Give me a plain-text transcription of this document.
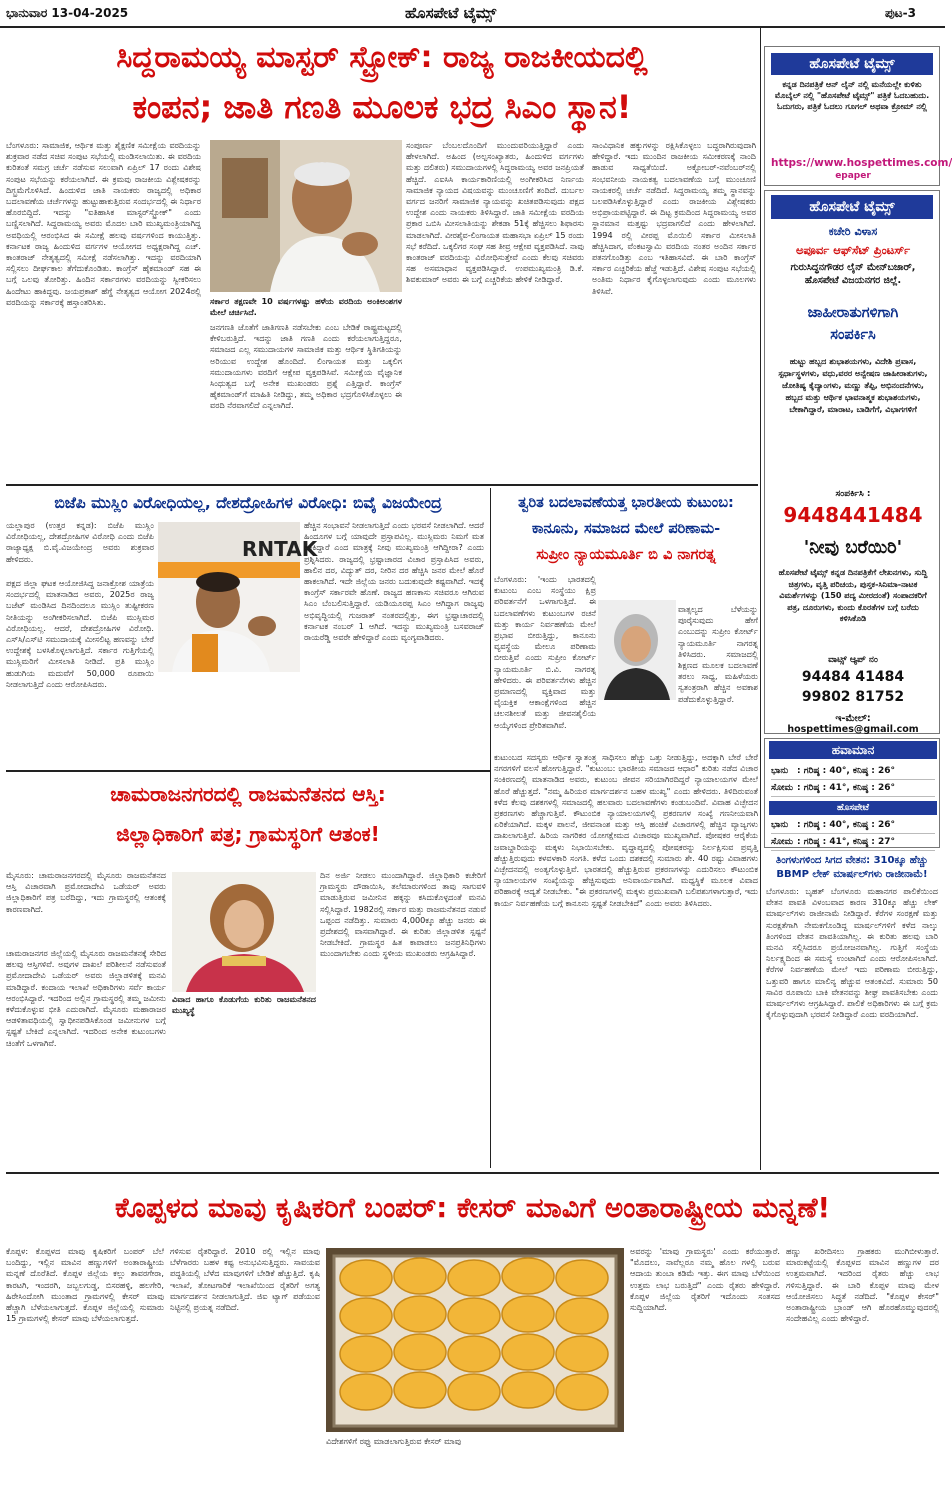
ಭಾನುವಾರ 13-04-2025	ಹೊಸಪೇಟೆ ಟೈಮ್ಸ್	ಪುಟ-3
ಸಿದ್ದರಾಮಯ್ಯ ಮಾಸ್ಟರ್ ಸ್ಟ್ರೋಕ್: ರಾಜ್ಯ ರಾಜಕೀಯದಲ್ಲಿ
ಕಂಪನ; ಜಾತಿ ಗಣತಿ ಮೂಲಕ ಭದ್ರ ಸಿಎಂ ಸ್ಥಾನ!
ಬೆಂಗಳೂರು: ಸಾಮಾಜಿಕ, ಆರ್ಥಿಕ ಮತ್ತು ಶೈಕ್ಷಣಿಕ ಸಮೀಕ್ಷೆಯ ವರದಿಯನ್ನು ಶುಕ್ರವಾರ ನಡೆದ ಸಚಿವ ಸಂಪುಟ ಸಭೆಯಲ್ಲಿ ಮಂಡಿಸಲಾಯಿತು. ಈ ವರದಿಯ ಕುರಿತಂತೆ ಸಮಗ್ರ ಚರ್ಚೆ ನಡೆಸುವ ಸಲುವಾಗಿ ಏಪ್ರಿಲ್ 17 ರಂದು ವಿಶೇಷ ಸಂಪುಟ ಸಭೆಯನ್ನು ಕರೆಯಲಾಗಿದೆ. ಈ ಕ್ರಮವು ರಾಜಕೀಯ ವಿಶ್ಲೇಷಕರನ್ನು ದಿಗ್ಭ್ರಮೆಗೊಳಿಸಿದೆ. ಹಿಂದುಳಿದ ಜಾತಿ ನಾಯಕರು ರಾಜ್ಯದಲ್ಲಿ ಅಧಿಕಾರ ಬದಲಾವಣೆಯ ಚರ್ಚೆಗಳನ್ನು ಹುಟ್ಟುಹಾಕುತ್ತಿರುವ ಸಂದರ್ಭದಲ್ಲಿ ಈ ನಿರ್ಧಾರ ಹೊರಬಿದ್ದಿದೆ. ಇದನ್ನು "ಐತಿಹಾಸಿಕ ಮಾಸ್ಟರ್‌ಸ್ಟ್ರೋಕ್" ಎಂದು ಬಣ್ಣಿಸಲಾಗಿದೆ. ಸಿದ್ದರಾಮಯ್ಯ ಅವರು ಮೊದಲ ಬಾರಿ ಮುಖ್ಯಮಂತ್ರಿಯಾಗಿದ್ದ ಅವಧಿಯಲ್ಲಿ ಆರಂಭಿಸಿದ ಈ ಸಮೀಕ್ಷೆ ಹಲವು ವರ್ಷಗಳಿಂದ ಕಾಯುತ್ತಿತ್ತು. ಕರ್ನಾಟಕ ರಾಜ್ಯ ಹಿಂದುಳಿದ ವರ್ಗಗಳ ಆಯೋಗದ ಅಧ್ಯಕ್ಷರಾಗಿದ್ದ ಎಚ್. ಕಾಂತರಾಜ್ ನೇತೃತ್ವದಲ್ಲಿ ಸಮೀಕ್ಷೆ ನಡೆಸಲಾಗಿತ್ತು. ಇದನ್ನು ವರದಿಯಾಗಿ ಸಲ್ಲಿಸಲು ದೀರ್ಘಕಾಲ ತೆಗೆದುಕೊಂಡಿತು. ಕಾಂಗ್ರೆಸ್ ಹೈಕಮಾಂಡ್ ಸಹ ಈ ಬಗ್ಗೆ ಒಲವು ತೋರಿತ್ತು. ಹಿಂದಿನ ಸರ್ಕಾರಗಳು ವರದಿಯನ್ನು ಸ್ವೀಕರಿಸಲು ಹಿಂದೇಟು ಹಾಕಿದ್ದವು. ಜಯಪ್ರಕಾಶ್ ಹೆಗ್ಡೆ ನೇತೃತ್ವದ ಆಯೋಗ 2024ರಲ್ಲಿ ವರದಿಯನ್ನು ಸರ್ಕಾರಕ್ಕೆ ಹಸ್ತಾಂತರಿಸಿತು.	ಸರ್ಕಾರ ತಕ್ಷಣವೇ 10 ವರ್ಷಗಳಷ್ಟು ಹಳೆಯ ವರದಿಯ ಅಂಕಿಅಂಶಗಳ ಮೇಲೆ ಚರ್ಚಿಸಿದೆ.
ಜನಗಣತಿ ಜೊತೆಗೆ ಜಾತಿಗಣತಿ ನಡೆಸಬೇಕು ಎಂಬ ಬೇಡಿಕೆ ರಾಷ್ಟ್ರಮಟ್ಟದಲ್ಲಿ ಕೇಳಿಬರುತ್ತಿದೆ. ಇದನ್ನು ಜಾತಿ ಗಣತಿ ಎಂದು ಕರೆಯಲಾಗುತ್ತಿದ್ದರೂ, ಸಮಾಜದ ಎಲ್ಲ ಸಮುದಾಯಗಳ ಸಾಮಾಜಿಕ ಮತ್ತು ಆರ್ಥಿಕ ಸ್ಥಿತಿಗತಿಯನ್ನು ಅರಿಯುವ ಉದ್ದೇಶ ಹೊಂದಿದೆ. ಲಿಂಗಾಯತ ಮತ್ತು ಒಕ್ಕಲಿಗ ಸಮುದಾಯಗಳು ವರದಿಗೆ ಆಕ್ಷೇಪ ವ್ಯಕ್ತಪಡಿಸಿವೆ. ಸಮೀಕ್ಷೆಯ ವೈಜ್ಞಾನಿಕ ಸಿಂಧುತ್ವದ ಬಗ್ಗೆ ಅನೇಕ ಮುಖಂಡರು ಪ್ರಶ್ನೆ ಎತ್ತಿದ್ದಾರೆ. ಕಾಂಗ್ರೆಸ್ ಹೈಕಮಾಂಡ್‌ಗೆ ಮಾಹಿತಿ ನೀಡಿದ್ದು, ತಮ್ಮ ಅಧಿಕಾರ ಭದ್ರಗೊಳಿಸಿಕೊಳ್ಳಲು ಈ ವರದಿ ನೆರವಾಗಲಿದೆ ಎನ್ನಲಾಗಿದೆ.
ಸಂಪೂರ್ಣ ಬೆಂಬಲದೊಂದಿಗೆ ಮುಂದುವರಿಯುತ್ತಿದ್ದಾರೆ ಎಂದು ಹೇಳಲಾಗಿದೆ. ಅಹಿಂದ (ಅಲ್ಪಸಂಖ್ಯಾತರು, ಹಿಂದುಳಿದ ವರ್ಗಗಳು ಮತ್ತು ದಲಿತರು) ಸಮುದಾಯಗಳಲ್ಲಿ ಸಿದ್ದರಾಮಯ್ಯ ಅವರ ಜನಪ್ರಿಯತೆ ಹೆಚ್ಚಿದೆ. ಎಐಸಿಸಿ ಕಾರ್ಯಕಾರಿಣಿಯಲ್ಲಿ ಅಂಗೀಕರಿಸಿದ ನಿರ್ಣಯ ಸಾಮಾಜಿಕ ನ್ಯಾಯದ ವಿಷಯವನ್ನು ಮುಂಚೂಣಿಗೆ ತಂದಿದೆ. ದುರ್ಬಲ ವರ್ಗದ ಜನರಿಗೆ ಸಾಮಾಜಿಕ ನ್ಯಾಯವನ್ನು ಖಚಿತಪಡಿಸುವುದು ಪಕ್ಷದ ಉದ್ದೇಶ ಎಂದು ನಾಯಕರು ತಿಳಿಸಿದ್ದಾರೆ. ಜಾತಿ ಸಮೀಕ್ಷೆಯ ವರದಿಯ ಪ್ರಕಾರ ಒಬಿಸಿ ಮೀಸಲಾತಿಯನ್ನು ಶೇಕಡಾ 51ಕ್ಕೆ ಹೆಚ್ಚಿಸಲು ಶಿಫಾರಸು ಮಾಡಲಾಗಿದೆ. ವೀರಶೈವ-ಲಿಂಗಾಯತ ಮಹಾಸಭಾ ಏಪ್ರಿಲ್ 15 ರಂದು ಸಭೆ ಕರೆದಿದೆ. ಒಕ್ಕಲಿಗರ ಸಂಘ ಸಹ ತೀವ್ರ ಆಕ್ಷೇಪ ವ್ಯಕ್ತಪಡಿಸಿದೆ. ನಾವು ಕಾಂತರಾಜ್ ವರದಿಯನ್ನು ವಿರೋಧಿಸುತ್ತೇವೆ ಎಂದು ಕೆಲವು ಸಚಿವರು ಸಹ ಅಸಮಾಧಾನ ವ್ಯಕ್ತಪಡಿಸಿದ್ದಾರೆ. ಉಪಮುಖ್ಯಮಂತ್ರಿ ಡಿ.ಕೆ. ಶಿವಕುಮಾರ್ ಅವರು ಈ ಬಗ್ಗೆ ಎಚ್ಚರಿಕೆಯ ಹೇಳಿಕೆ ನೀಡಿದ್ದಾರೆ.
ಸಾಂವಿಧಾನಿಕ ಹಕ್ಕುಗಳನ್ನು ರಕ್ಷಿಸಿಕೊಳ್ಳಲು ಬದ್ಧರಾಗಿರುವುದಾಗಿ ಹೇಳಿದ್ದಾರೆ. ಇದು ಮುಂದಿನ ರಾಜಕೀಯ ಸಮೀಕರಣಕ್ಕೆ ನಾಂದಿ ಹಾಡುವ ಸಾಧ್ಯತೆಯಿದೆ. ಅಕ್ಟೋಬರ್-ನವೆಂಬರ್‌ನಲ್ಲಿ ಸಂಭವನೀಯ ನಾಯಕತ್ವ ಬದಲಾವಣೆಯ ಬಗ್ಗೆ ಮುಂಚೂಣಿ ನಾಯಕರಲ್ಲಿ ಚರ್ಚೆ ನಡೆದಿದೆ. ಸಿದ್ದರಾಮಯ್ಯ ತಮ್ಮ ಸ್ಥಾನವನ್ನು ಬಲಪಡಿಸಿಕೊಳ್ಳುತ್ತಿದ್ದಾರೆ ಎಂದು ರಾಜಕೀಯ ವಿಶ್ಲೇಷಕರು ಅಭಿಪ್ರಾಯಪಟ್ಟಿದ್ದಾರೆ. ಈ ದಿಟ್ಟ ಕ್ರಮದಿಂದ ಸಿದ್ದರಾಮಯ್ಯ ಅವರ ಸ್ಥಾನಮಾನ ಮತ್ತಷ್ಟು ಭದ್ರವಾಗಲಿದೆ ಎಂದು ಹೇಳಲಾಗಿದೆ. 1994 ರಲ್ಲಿ ವೀರಪ್ಪ ಮೊಯಿಲಿ ಸರ್ಕಾರ ಮೀಸಲಾತಿ ಹೆಚ್ಚಿಸಿದಾಗ, ವೆಂಕಟಸ್ವಾಮಿ ವರದಿಯ ನಂತರ ಅಂದಿನ ಸರ್ಕಾರ ಪತನಗೊಂಡಿತ್ತು ಎಂಬ ಇತಿಹಾಸವಿದೆ. ಈ ಬಾರಿ ಕಾಂಗ್ರೆಸ್ ಸರ್ಕಾರ ಎಚ್ಚರಿಕೆಯ ಹೆಜ್ಜೆ ಇಡುತ್ತಿದೆ. ವಿಶೇಷ ಸಂಪುಟ ಸಭೆಯಲ್ಲಿ ಅಂತಿಮ ನಿರ್ಧಾರ ಕೈಗೊಳ್ಳಲಾಗುವುದು ಎಂದು ಮೂಲಗಳು ತಿಳಿಸಿವೆ.
ಬಿಜೆಪಿ ಮುಸ್ಲಿಂ ವಿರೋಧಿಯಲ್ಲ, ದೇಶದ್ರೋಹಿಗಳ ವಿರೋಧಿ: ಬಿವೈ ವಿಜಯೇಂದ್ರ
ಯಲ್ಲಾಪುರ (ಉತ್ತರ ಕನ್ನಡ): ಬಿಜೆಪಿ ಮುಸ್ಲಿಂ ವಿರೋಧಿಯಲ್ಲ, ದೇಶದ್ರೋಹಿಗಳ ವಿರೋಧಿ ಎಂದು ಬಿಜೆಪಿ ರಾಜ್ಯಾಧ್ಯಕ್ಷ ಬಿ.ವೈ.ವಿಜಯೇಂದ್ರ ಅವರು ಶುಕ್ರವಾರ ಹೇಳಿದರು.	RNTAK
ಪಕ್ಷದ ಜಿಲ್ಲಾ ಘಟಕ ಆಯೋಜಿಸಿದ್ದ ಜನಾಕ್ರೋಶ ಯಾತ್ರೆಯ ಸಂದರ್ಭದಲ್ಲಿ ಮಾತನಾಡಿದ ಅವರು, 2025ರ ರಾಜ್ಯ ಬಜೆಟ್ ಮಂಡಿಸಿದ ದಿನದಿಂದಲೂ ಮುಸ್ಲಿಂ ತುಷ್ಟೀಕರಣ ನೀತಿಯನ್ನು ಅಂಗೀಕರಿಸಲಾಗಿದೆ. ಬಿಜೆಪಿ ಮುಸ್ಲಿಮರ ವಿರೋಧಿಯಲ್ಲ. ಆದರೆ, ದೇಶದ್ರೋಹಿಗಳ ವಿರೋಧಿ. ಎಸ್‌ಸಿ/ಎಸ್‌ಟಿ ಸಮುದಾಯಕ್ಕೆ ಮೀಸಲಿಟ್ಟ ಹಣವನ್ನು ಬೇರೆ ಉದ್ದೇಶಕ್ಕೆ ಬಳಸಿಕೊಳ್ಳಲಾಗುತ್ತಿದೆ. ಸರ್ಕಾರ ಗುತ್ತಿಗೆಯಲ್ಲಿ ಮುಸ್ಲಿಮರಿಗೆ ಮೀಸಲಾತಿ ನೀಡಿದೆ. ಪ್ರತಿ ಮುಸ್ಲಿಂ ಹುಡುಗಿಯ ಮದುವೆಗೆ 50,000 ರೂಪಾಯಿ ನೀಡಲಾಗುತ್ತಿದೆ ಎಂದು ಆರೋಪಿಸಿದರು.
ಹೆಚ್ಚಿನ ಸಂಭಾವನೆ ನೀಡಲಾಗುತ್ತಿದೆ ಎಂದು ಭರವಸೆ ನೀಡಲಾಗಿದೆ. ಆದರೆ ಹಿಂದೂಗಳ ಬಗ್ಗೆ ಯಾವುದೇ ಪ್ರಸ್ತಾಪವಿಲ್ಲ. ಮುಸ್ಲಿಮರು ನಿಮಗೆ ಮತ ಹಾಕಿದ್ದಾರೆ ಎಂದ ಮಾತ್ರಕ್ಕೆ ನೀವು ಮುಖ್ಯಮಂತ್ರಿ ಆಗಿದ್ದೀರಾ? ಎಂದು ಪ್ರಶ್ನಿಸಿದರು. ರಾಜ್ಯದಲ್ಲಿ ಭ್ರಷ್ಟಾಚಾರದ ವಿಚಾರ ಪ್ರಸ್ತಾಪಿಸಿದ ಅವರು, ಹಾಲಿನ ದರ, ವಿದ್ಯುತ್ ದರ, ನೀರಿನ ದರ ಹೆಚ್ಚಿಸಿ ಜನರ ಮೇಲೆ ಹೊರೆ ಹಾಕಲಾಗಿದೆ. ಇದೇ ಜಿಲ್ಲೆಯ ಜನರು ಬದುಕುವುದೇ ಕಷ್ಟವಾಗಿದೆ. ಇದಕ್ಕೆ ಕಾಂಗ್ರೆಸ್ ಸರ್ಕಾರವೇ ಹೊಣೆ. ರಾಜ್ಯದ ಹಣಕಾಸು ಸಚಿವರೂ ಆಗಿರುವ ಸಿಎಂ ಬೆಂಬಲಿಸುತ್ತಿದ್ದಾರೆ. ಯಡಿಯೂರಪ್ಪ ಸಿಎಂ ಆಗಿದ್ದಾಗ ರಾಜ್ಯವು ಅಭಿವೃದ್ಧಿಯಲ್ಲಿ ಗುಜರಾತ್ ನಂತರದಲ್ಲಿತ್ತು, ಈಗ ಭ್ರಷ್ಟಾಚಾರದಲ್ಲಿ ಕರ್ನಾಟಕ ನಂಬರ್ 1 ಆಗಿದೆ. ಇದನ್ನು ಮುಖ್ಯಮಂತ್ರಿ ಬಸವರಾಜ್ ರಾಯರೆಡ್ಡಿ ಅವರೇ ಹೇಳಿದ್ದಾರೆ ಎಂದು ವ್ಯಂಗ್ಯವಾಡಿದರು.
ತ್ವರಿತ ಬದಲಾವಣೆಯತ್ತ ಭಾರತೀಯ ಕುಟುಂಬ:
ಕಾನೂನು, ಸಮಾಜದ ಮೇಲೆ ಪರಿಣಾಮ-
ಸುಪ್ರೀಂ ನ್ಯಾಯಮೂರ್ತಿ ಬಿ ವಿ ನಾಗರತ್ನ
ಬೆಂಗಳೂರು: 'ಇಂದು ಭಾರತದಲ್ಲಿ ಕುಟುಂಬ ಎಂಬ ಸಂಸ್ಥೆಯು ಕ್ಷಿಪ್ರ ಪರಿವರ್ತನೆಗೆ ಒಳಗಾಗುತ್ತಿದೆ. ಈ ಬದಲಾವಣೆಗಳು ಕುಟುಂಬಗಳ ರಚನೆ ಮತ್ತು ಕಾರ್ಯ ನಿರ್ವಹಣೆಯ ಮೇಲೆ ಪ್ರಭಾವ ಬೀರುತ್ತಿದ್ದು, ಕಾನೂನು ವ್ಯವಸ್ಥೆಯ ಮೇಲೂ ಪರಿಣಾಮ ಬೀರುತ್ತಿವೆ ಎಂದು ಸುಪ್ರೀಂ ಕೋರ್ಟ್ ನ್ಯಾಯಮೂರ್ತಿ ಬಿ.ವಿ. ನಾಗರತ್ನ ಹೇಳಿದರು. ಈ ಪರಿವರ್ತನೆಗಳು ಹೆಚ್ಚಿನ ಪ್ರಮಾಣದಲ್ಲಿ ವ್ಯಕ್ತಿವಾದ ಮತ್ತು ವೈಯಕ್ತಿಕ ಆಕಾಂಕ್ಷೆಗಳಿಂದ ಹೆಚ್ಚಿನ ಚಲನಶೀಲತೆ ಮತ್ತು ಜೀವನಶೈಲಿಯ ಆಯ್ಕೆಗಳಿಂದ ಪ್ರೇರಿತವಾಗಿವೆ.
ವಾತ್ಸಲ್ಯದ ಬೆಳೆಯನ್ನು ಪೂರೈಸುವುದು ಹೇಗೆ ಎಂಬುದನ್ನು ಸುಪ್ರೀಂ ಕೋರ್ಟ್ ನ್ಯಾಯಮೂರ್ತಿ ನಾಗರತ್ನ ತಿಳಿಸಿದರು. ಸಮಾಜದಲ್ಲಿ ಶಿಕ್ಷಣದ ಮೂಲಕ ಬದಲಾವಣೆ ತರಲು ಸಾಧ್ಯ, ಮಹಿಳೆಯರು ಸ್ವತಂತ್ರರಾಗಿ ಹೆಚ್ಚಿನ ಅವಕಾಶ ಪಡೆದುಕೊಳ್ಳುತ್ತಿದ್ದಾರೆ.
ಕುಟುಂಬದ ಸದಸ್ಯರು ಆರ್ಥಿಕ ಸ್ವಾತಂತ್ರ್ಯ ಸಾಧಿಸಲು ಹೆಚ್ಚು ಒತ್ತು ನೀಡುತ್ತಿದ್ದು, ಅದಕ್ಕಾಗಿ ಬೇರೆ ಬೇರೆ ನಗರಗಳಿಗೆ ವಲಸೆ ಹೋಗುತ್ತಿದ್ದಾರೆ. "ಕುಟುಂಬ: ಭಾರತೀಯ ಸಮಾಜದ ಆಧಾರ" ಕುರಿತು ನಡೆದ ವಿಚಾರ ಸಂಕಿರಣದಲ್ಲಿ ಮಾತನಾಡಿದ ಅವರು, ಕುಟುಂಬ ಜೀವನ ಸರಿಯಾಗಿರದಿದ್ದರೆ ನ್ಯಾಯಾಲಯಗಳ ಮೇಲೆ ಹೊರೆ ಹೆಚ್ಚುತ್ತದೆ. "ನಮ್ಮ ಹಿರಿಯರ ಮಾರ್ಗದರ್ಶನ ಬಹಳ ಮುಖ್ಯ" ಎಂದು ಹೇಳಿದರು. ತಿಳಿದಿರುವಂತೆ ಕಳೆದ ಕೆಲವು ದಶಕಗಳಲ್ಲಿ ಸಮಾಜದಲ್ಲಿ ಹಲವಾರು ಬದಲಾವಣೆಗಳು ಕಂಡುಬಂದಿವೆ. ವಿವಾಹ ವಿಚ್ಛೇದನ ಪ್ರಕರಣಗಳು ಹೆಚ್ಚಾಗುತ್ತಿವೆ. ಕೌಟುಂಬಿಕ ನ್ಯಾಯಾಲಯಗಳಲ್ಲಿ ಪ್ರಕರಣಗಳ ಸಂಖ್ಯೆ ಗಣನೀಯವಾಗಿ ಏರಿಕೆಯಾಗಿದೆ. ಮಕ್ಕಳ ಪಾಲನೆ, ಜೀವನಾಂಶ ಮತ್ತು ಆಸ್ತಿ ಹಂಚಿಕೆ ವಿಚಾರಗಳಲ್ಲಿ ಹೆಚ್ಚಿನ ವ್ಯಾಜ್ಯಗಳು ದಾಖಲಾಗುತ್ತಿವೆ. ಹಿರಿಯ ನಾಗರಿಕರ ಯೋಗಕ್ಷೇಮದ ವಿಚಾರವೂ ಮುಖ್ಯವಾಗಿದೆ. ಪೋಷಕರ ಆರೈಕೆಯ ಜವಾಬ್ದಾರಿಯನ್ನು ಮಕ್ಕಳು ನಿಭಾಯಿಸಬೇಕು. ವೃದ್ಧಾಪ್ಯದಲ್ಲಿ ಪೋಷಕರನ್ನು ನಿರ್ಲಕ್ಷಿಸುವ ಪ್ರವೃತ್ತಿ ಹೆಚ್ಚುತ್ತಿರುವುದು ಕಳವಳಕಾರಿ ಸಂಗತಿ. ಕಳೆದ ಒಂದು ದಶಕದಲ್ಲಿ ಸುಮಾರು ಶೇ. 40 ರಷ್ಟು ವಿವಾಹಗಳು ವಿಚ್ಛೇದನದಲ್ಲಿ ಅಂತ್ಯಗೊಳ್ಳುತ್ತಿವೆ. ಭಾರತದಲ್ಲಿ ಹೆಚ್ಚುತ್ತಿರುವ ಪ್ರಕರಣಗಳನ್ನು ಎದುರಿಸಲು ಕೌಟುಂಬಿಕ ನ್ಯಾಯಾಲಯಗಳ ಸಂಖ್ಯೆಯನ್ನು ಹೆಚ್ಚಿಸುವುದು ಅನಿವಾರ್ಯವಾಗಿದೆ. ಮಧ್ಯಸ್ಥಿಕೆ ಮೂಲಕ ವಿವಾದ ಪರಿಹಾರಕ್ಕೆ ಆದ್ಯತೆ ನೀಡಬೇಕು. "ಈ ಪ್ರಕರಣಗಳಲ್ಲಿ ಮಕ್ಕಳು ಪ್ರಮುಖವಾಗಿ ಬಲಿಪಶುಗಳಾಗುತ್ತಾರೆ, ಇದು ಕಾರ್ಯ ನಿರ್ವಹಣೆಯ ಬಗ್ಗೆ ಕಾನೂನು ಸ್ಪಷ್ಟತೆ ನೀಡಬೇಕಿದೆ" ಎಂದು ಅವರು ತಿಳಿಸಿದರು.
ಚಾಮರಾಜನಗರದಲ್ಲಿ ರಾಜಮನೆತನದ ಆಸ್ತಿ:
ಜಿಲ್ಲಾಧಿಕಾರಿಗೆ ಪತ್ರ; ಗ್ರಾಮಸ್ಥರಿಗೆ ಆತಂಕ!
ಮೈಸೂರು: ಚಾಮರಾಜನಗರದಲ್ಲಿ ಮೈಸೂರು ರಾಜಮನೆತನದ ಆಸ್ತಿ ವಿಚಾರವಾಗಿ ಪ್ರಮೋದಾದೇವಿ ಒಡೆಯರ್ ಅವರು ಜಿಲ್ಲಾಧಿಕಾರಿಗೆ ಪತ್ರ ಬರೆದಿದ್ದು, ಇದು ಗ್ರಾಮಸ್ಥರಲ್ಲಿ ಆತಂಕಕ್ಕೆ ಕಾರಣವಾಗಿದೆ.
ಚಾಮರಾಜನಗರ ಜಿಲ್ಲೆಯಲ್ಲಿ ಮೈಸೂರು ರಾಜಮನೆತನಕ್ಕೆ ಸೇರಿದ ಹಲವು ಆಸ್ತಿಗಳಿವೆ. ಅವುಗಳ ದಾಖಲೆ ಪರಿಶೀಲನೆ ನಡೆಸುವಂತೆ ಪ್ರಮೋದಾದೇವಿ ಒಡೆಯರ್ ಅವರು ಜಿಲ್ಲಾಡಳಿತಕ್ಕೆ ಮನವಿ ಮಾಡಿದ್ದಾರೆ. ಕಂದಾಯ ಇಲಾಖೆ ಅಧಿಕಾರಿಗಳು ಸರ್ವೆ ಕಾರ್ಯ ಆರಂಭಿಸಿದ್ದಾರೆ. ಇದರಿಂದ ಅಲ್ಲಿನ ಗ್ರಾಮಸ್ಥರಲ್ಲಿ ತಮ್ಮ ಜಮೀನು ಕಳೆದುಕೊಳ್ಳುವ ಭೀತಿ ಎದುರಾಗಿದೆ. ಮೈಸೂರು ಮಹಾರಾಜರ ಆಡಳಿತಾವಧಿಯಲ್ಲಿ ಸ್ವಾಧೀನಪಡಿಸಿಕೊಂಡ ಜಮೀನುಗಳ ಬಗ್ಗೆ ಸ್ಪಷ್ಟತೆ ಬೇಕಿದೆ ಎನ್ನಲಾಗಿದೆ. ಇದರಿಂದ ಅನೇಕ ಕುಟುಂಬಗಳು ಚಿಂತೆಗೆ ಒಳಗಾಗಿವೆ.
ವಿವಾದ ಹಾಗೂ ಕೊಡುಗೆಯ ಕುರಿತು ರಾಜಮನೆತನದ ಮುಖ್ಯಸ್ಥೆ
ದಿನ ಅರ್ಜಿ ನೀಡಲು ಮುಂದಾಗಿದ್ದಾರೆ. ಜಿಲ್ಲಾಧಿಕಾರಿ ಕಚೇರಿಗೆ ಗ್ರಾಮಸ್ಥರು ದೌಡಾಯಿಸಿ, ತಲೆಮಾರುಗಳಿಂದ ತಾವು ಸಾಗುವಳಿ ಮಾಡುತ್ತಿರುವ ಜಮೀನಿನ ಹಕ್ಕನ್ನು ಕಸಿದುಕೊಳ್ಳದಂತೆ ಮನವಿ ಸಲ್ಲಿಸಿದ್ದಾರೆ. 1982ರಲ್ಲಿ ಸರ್ಕಾರ ಮತ್ತು ರಾಜಮನೆತನದ ನಡುವೆ ಒಪ್ಪಂದ ನಡೆದಿತ್ತು. ಸುಮಾರು 4,000ಕ್ಕೂ ಹೆಚ್ಚು ಜನರು ಈ ಪ್ರದೇಶದಲ್ಲಿ ವಾಸವಾಗಿದ್ದಾರೆ. ಈ ಕುರಿತು ಜಿಲ್ಲಾಡಳಿತ ಸ್ಪಷ್ಟನೆ ನೀಡಬೇಕಿದೆ. ಗ್ರಾಮಸ್ಥರ ಹಿತ ಕಾಪಾಡಲು ಜನಪ್ರತಿನಿಧಿಗಳು ಮುಂದಾಗಬೇಕು ಎಂದು ಸ್ಥಳೀಯ ಮುಖಂಡರು ಆಗ್ರಹಿಸಿದ್ದಾರೆ.
ಕೊಪ್ಪಳದ ಮಾವು ಕೃಷಿಕರಿಗೆ ಬಂಪರ್: ಕೇಸರ್ ಮಾವಿಗೆ ಅಂತಾರಾಷ್ಟ್ರೀಯ ಮನ್ನಣೆ!
ಕೊಪ್ಪಳ: ಕೊಪ್ಪಳದ ಮಾವು ಕೃಷಿಕರಿಗೆ ಬಂಪರ್ ಬೆಲೆ ಬಂದಿದ್ದು, ಇಲ್ಲಿನ ಮಾವಿನ ಹಣ್ಣುಗಳಿಗೆ ಅಂತಾರಾಷ್ಟ್ರೀಯ ಮನ್ನಣೆ ದೊರೆತಿದೆ. ಕೊಪ್ಪಳ ಜಿಲ್ಲೆಯ ಕಲ್ಲು ತಾವರಗೇರಾ, ಕಾರಟಗಿ, ಇಂದರಗಿ, ಜಬ್ಬಲಗುಡ್ಡ, ಬಿಸರಹಳ್ಳಿ, ಹಲಗೇರಿ, ಹಿರೇಸಿಂದೋಗಿ ಮುಂತಾದ ಗ್ರಾಮಗಳಲ್ಲಿ ಕೇಸರ್ ಮಾವು ಹೆಚ್ಚಾಗಿ ಬೆಳೆಯಲಾಗುತ್ತದೆ. ಕೊಪ್ಪಳ ಜಿಲ್ಲೆಯಲ್ಲಿ ಸುಮಾರು 15 ಗ್ರಾಮಗಳಲ್ಲಿ ಕೇಸರ್ ಮಾವು ಬೆಳೆಯಲಾಗುತ್ತದೆ.
ಗಳಿಸುವ ರೈತರಿದ್ದಾರೆ. 2010 ರಲ್ಲಿ ಇಲ್ಲಿನ ಮಾವು ಬೆಳೆಗಾರರು ಬಹಳ ಕಷ್ಟ ಅನುಭವಿಸುತ್ತಿದ್ದರು. ಸಾವಯವ ಪದ್ಧತಿಯಲ್ಲಿ ಬೆಳೆದ ಮಾವುಗಳಿಗೆ ಬೇಡಿಕೆ ಹೆಚ್ಚುತ್ತಿದೆ. ಕೃಷಿ ಇಲಾಖೆ, ತೋಟಗಾರಿಕೆ ಇಲಾಖೆಯಿಂದ ರೈತರಿಗೆ ಅಗತ್ಯ ಮಾರ್ಗದರ್ಶನ ನೀಡಲಾಗುತ್ತಿದೆ. ಜಿಐ ಟ್ಯಾಗ್ ಪಡೆಯುವ ನಿಟ್ಟಿನಲ್ಲಿ ಪ್ರಯತ್ನ ನಡೆದಿದೆ.
ವಿದೇಶಗಳಿಗೆ ರಫ್ತು ಮಾಡಲಾಗುತ್ತಿರುವ ಕೇಸರ್ ಮಾವು
ಅವರನ್ನು 'ಮಾವು ಗ್ರಾಮಸ್ಥರು' ಎಂದು ಕರೆಯುತ್ತಾರೆ. "ಮೊದಲು, ನಾವೆಲ್ಲರೂ ನಮ್ಮ ಹೊಲ ಗಳಲ್ಲಿ ಬರುವ ಆದಾಯ ತುಂಬಾ ಕಡಿಮೆ ಇತ್ತು. ಈಗ ಮಾವು ಬೆಳೆಯಿಂದ ಉತ್ತಮ ಲಾಭ ಬರುತ್ತಿದೆ" ಎಂದು ರೈತರು ಹೇಳಿದ್ದಾರೆ. ಕೊಪ್ಪಳ ಜಿಲ್ಲೆಯ ರೈತರಿಗೆ ಇದೊಂದು ಸಂತಸದ ಸುದ್ದಿಯಾಗಿದೆ.
ಹಣ್ಣು ಖರೀದಿಸಲು ಗ್ರಾಹಕರು ಮುಗಿಬೀಳುತ್ತಾರೆ. ಮಾರುಕಟ್ಟೆಯಲ್ಲಿ ಕೊಪ್ಪಳದ ಮಾವಿನ ಹಣ್ಣುಗಳ ದರ ಉತ್ತಮವಾಗಿದೆ. ಇದರಿಂದ ರೈತರು ಹೆಚ್ಚು ಲಾಭ ಗಳಿಸುತ್ತಿದ್ದಾರೆ. ಈ ಬಾರಿ ಕೊಪ್ಪಳ ಮಾವು ಮೇಳ ಆಯೋಜಿಸಲು ಸಿದ್ಧತೆ ನಡೆದಿದೆ. "ಕೊಪ್ಪಳ ಕೇಸರ್" ಅಂತಾರಾಷ್ಟ್ರೀಯ ಬ್ರಾಂಡ್ ಆಗಿ ಹೊರಹೊಮ್ಮುವುದರಲ್ಲಿ ಸಂದೇಹವಿಲ್ಲ ಎಂದು ಹೇಳಿದ್ದಾರೆ.
ಹೊಸಪೇಟೆ ಟೈಮ್ಸ್
ಕನ್ನಡ ದಿನಪತ್ರಿಕೆ ಆನ್ ಲೈನ್ ನಲ್ಲಿ ಮನೆಯಲ್ಲೇ ಕುಳಿತು ಮೊಬೈಲ್ ನಲ್ಲಿ "ಹೊಸಪೇಟೆ ಟೈಮ್ಸ್" ಪತ್ರಿಕೆ ಓದಬಹುದು. ಓದುಗರು, ಪತ್ರಿಕೆ ಓದಲು ಗೂಗಲ್ ಅಥವಾ ಕ್ರೋಮ್ ನಲ್ಲಿ
https://www.hospettimes.com/
epaper
ಹೊಸಪೇಟೆ ಟೈಮ್ಸ್
ಕಚೇರಿ ವಿಳಾಸ
ಅಪೂರ್ವ ಆಫ್‌ಸೆಟ್ ಪ್ರಿಂಟರ್ಸ್
ಗುರುಸಿದ್ಧನಗೌಡರ ಲೈನ್ ಮೇನ್‌ಬಜಾರ್, ಹೊಸಪೇಟೆ ವಿಜಯನಗರ ಜಿಲ್ಲೆ.
ಜಾಹೀರಾತುಗಳಿಗಾಗಿ
ಸಂಪರ್ಕಿಸಿ
ಹುಟ್ಟು ಹಬ್ಬದ ಶುಭಾಶಯಗಳು, ವಿದೇಶಿ ಪ್ರವಾಸ, ಸ್ಪರ್ಧಾಸ್ಥಳಗಳು, ವಧು,ವರರ ಅನ್ವೇಷಣ ಜಾಹೀರಾತುಗಳು, ಜೋತಿಷ್ಯ ಕೈದ್ಯಾಂಗಳು, ಮಣ್ಣು ತೆಪ್ಪಿ, ಅಭಿನಂದನೆಗಳು, ಹಬ್ಬದ ಮತ್ತು ಆರ್ಥಿಕ ಭಾವನಾತ್ಮಕ ಶುಭಾಶಯಗಳು, ಬೇಕಾಗಿದ್ದಾರೆ, ಮಾರಾಟ, ಬಾಡಿಗೆಗೆ, ವಿಭಾಗಗಳಿಗೆ
ಸಂಪರ್ಕಿಸಿ :
9448441484
'ನೀವು ಬರೆಯಿರಿ'
ಹೊಸಪೇಟೆ ಟೈಮ್ಸ್ ಕನ್ನಡ ದಿನಪತ್ರಿಕೆಗೆ ಲೇಖನಗಳು, ಸುದ್ದಿ ಚಿತ್ರಗಳು, ವೃತ್ತಿ ಪರಿಚಯ, ಪುಸ್ತಕ-ಸಿನಿಮಾ-ನಾಟಕ ವಿಮರ್ಶೆಗಳನ್ನು (150 ಪದ್ಯ ಮೀರದಂತೆ) ಸಂಪಾದಕರಿಗೆ ಪತ್ರ, ದೂರುಗಳು, ಕುಂದು ಕೊರತೆಗಳ ಬಗ್ಗೆ ಬರೆದು ಕಳಿಸಿಕೊಡಿ
ವಾಟ್ಸ್ ಆ್ಯಪ್ ನಂ
94484 41484
99802 81752
ಇ-ಮೇಲ್: hospettimes@gmail.com
ಹವಾಮಾನ
ಭಾನು : ಗರಿಷ್ಠ : 40°, ಕನಿಷ್ಠ : 26°
ಸೋಮ : ಗರಿಷ್ಠ : 41°, ಕನಿಷ್ಠ : 26°
ಹೊಸಪೇಟೆ
ಭಾನು : ಗರಿಷ್ಠ : 40°, ಕನಿಷ್ಠ : 26°
ಸೋಮ : ಗರಿಷ್ಠ : 41°, ಕನಿಷ್ಠ : 27°
ತಿಂಗಳುಗಳಿಂದ ಸಿಗದ ವೇತನ: 310ಕ್ಕೂ ಹೆಚ್ಚು BBMP ಲೇಕ್ ಮಾರ್ಷಲ್‌ಗಳು ರಾಜೀನಾಮೆ!
ಬೆಂಗಳೂರು: ಬೃಹತ್ ಬೆಂಗಳೂರು ಮಹಾನಗರ ಪಾಲಿಕೆಯಿಂದ ವೇತನ ಪಾವತಿ ವಿಳಂಬವಾದ ಕಾರಣ 310ಕ್ಕೂ ಹೆಚ್ಚು ಲೇಕ್ ಮಾರ್ಷಲ್‌ಗಳು ರಾಜೀನಾಮೆ ನೀಡಿದ್ದಾರೆ. ಕೆರೆಗಳ ಸಂರಕ್ಷಣೆ ಮತ್ತು ಸುರಕ್ಷತೆಗಾಗಿ ನೇಮಕಗೊಂಡಿದ್ದ ಮಾರ್ಷಲ್‌ಗಳಿಗೆ ಕಳೆದ ನಾಲ್ಕು ತಿಂಗಳಿಂದ ವೇತನ ಪಾವತಿಯಾಗಿಲ್ಲ. ಈ ಕುರಿತು ಹಲವು ಬಾರಿ ಮನವಿ ಸಲ್ಲಿಸಿದರೂ ಪ್ರಯೋಜನವಾಗಿಲ್ಲ. ಗುತ್ತಿಗೆ ಸಂಸ್ಥೆಯ ನಿರ್ಲಕ್ಷ್ಯದಿಂದ ಈ ಸಮಸ್ಯೆ ಉಂಟಾಗಿದೆ ಎಂದು ಆರೋಪಿಸಲಾಗಿದೆ. ಕೆರೆಗಳ ನಿರ್ವಹಣೆಯ ಮೇಲೆ ಇದು ಪರಿಣಾಮ ಬೀರುತ್ತಿದ್ದು, ಒತ್ತುವರಿ ಹಾಗೂ ಮಾಲಿನ್ಯ ಹೆಚ್ಚುವ ಆತಂಕವಿದೆ. ಸುಮಾರು 50 ಸಾವಿರ ರೂಪಾಯಿ ಬಾಕಿ ವೇತನವನ್ನು ಶೀಘ್ರ ಪಾವತಿಸಬೇಕು ಎಂದು ಮಾರ್ಷಲ್‌ಗಳು ಆಗ್ರಹಿಸಿದ್ದಾರೆ. ಪಾಲಿಕೆ ಅಧಿಕಾರಿಗಳು ಈ ಬಗ್ಗೆ ಕ್ರಮ ಕೈಗೊಳ್ಳುವುದಾಗಿ ಭರವಸೆ ನೀಡಿದ್ದಾರೆ ಎಂದು ವರದಿಯಾಗಿದೆ.
